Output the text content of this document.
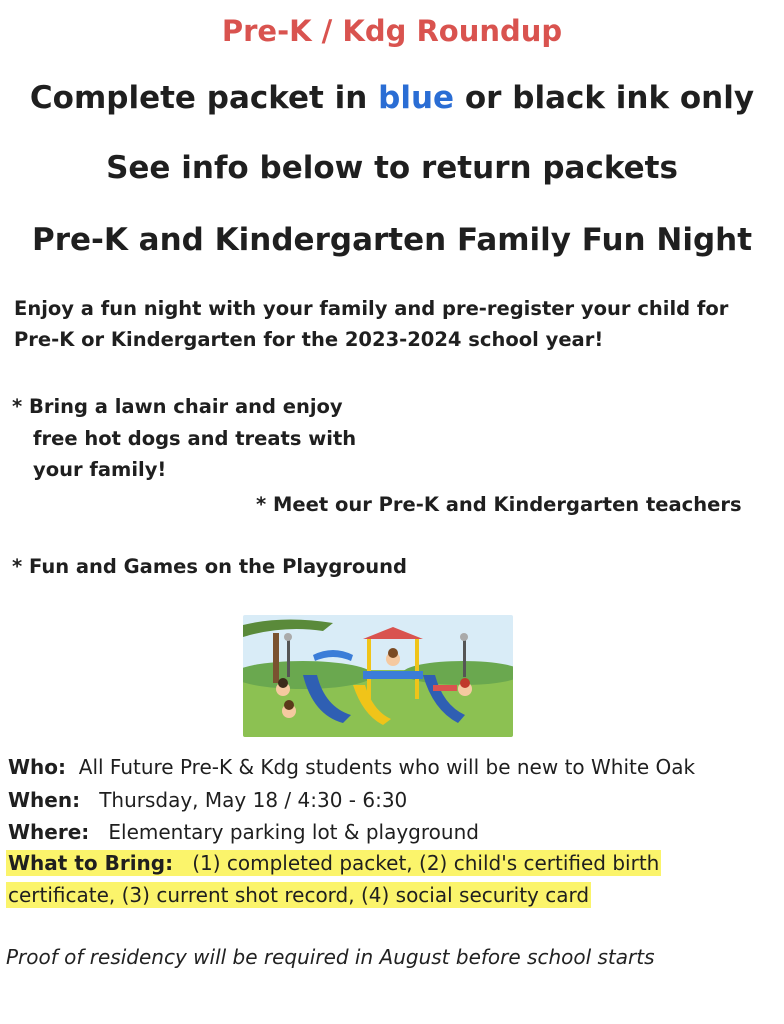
Pre-K / Kdg Roundup
Complete packet in blue or black ink only
See info below to return packets
Pre-K and Kindergarten Family Fun Night
Enjoy a fun night with your family and pre-register your child for
Pre-K or Kindergarten for the 2023-2024 school year!
* Bring a lawn chair and enjoy
free hot dogs and treats with
your family!
* Meet our Pre-K and Kindergarten teachers
* Fun and Games on the Playground
Who: All Future Pre-K & Kdg students who will be new to White Oak
When: Thursday, May 18 / 4:30 - 6:30
Where: Elementary parking lot & playground
What to Bring: (1) completed packet, (2) child's certified birth
certificate, (3) current shot record, (4) social security card
Proof of residency will be required in August before school starts
